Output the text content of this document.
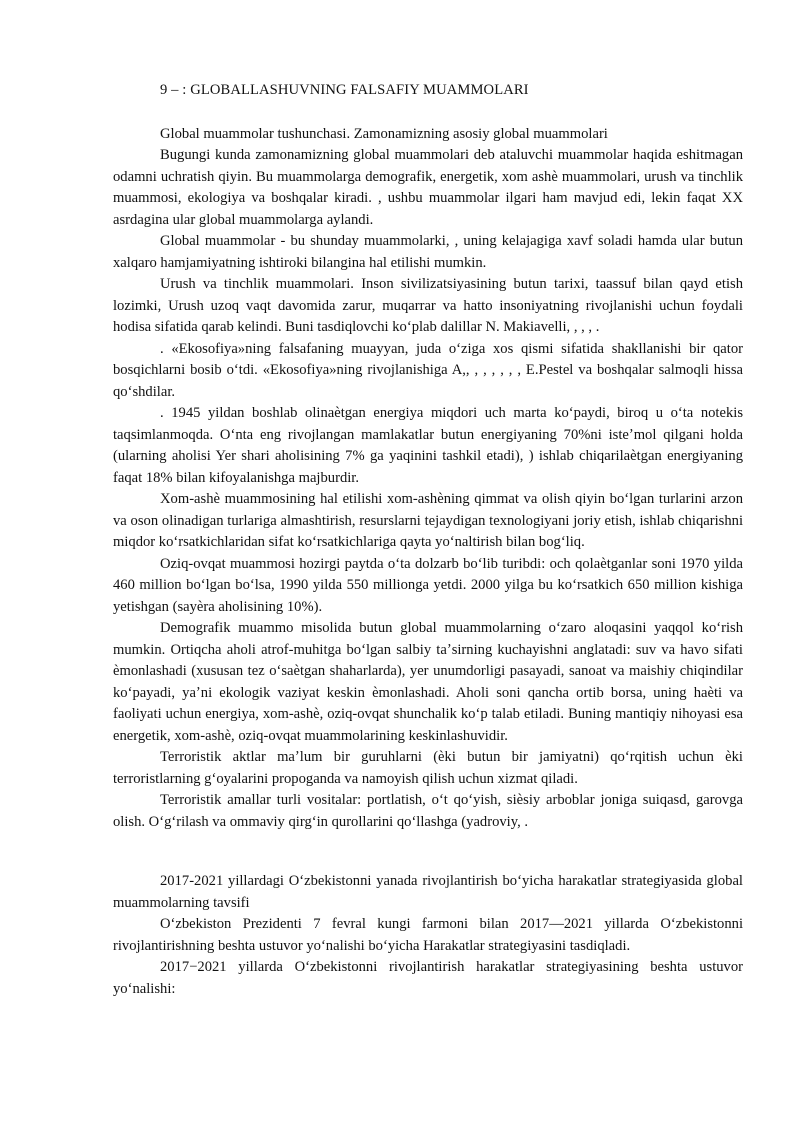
9 – : GLOBALLASHUVNING FALSAFIY MUAMMOLARI

Global muammolar tushunchasi. Zamonamizning asosiy global muammolari

Bugungi kunda zamonamizning global muammolari deb ataluvchi muammolar haqida eshitmagan odamni uchratish qiyin. Bu muammolarga demografik, energetik, xom ashè muammolari, urush va tinchlik muammosi, ekologiya va boshqalar kiradi. , ushbu muammolar ilgari ham mavjud edi, lekin faqat XX asrdagina ular global muammolarga aylandi.

Global muammolar - bu shunday muammolarki, , uning kelajagiga xavf soladi hamda ular butun xalqaro hamjamiyatning ishtiroki bilangina hal etilishi mumkin.

Urush va tinchlik muammolari. Inson sivilizatsiyasining butun tarixi, taassuf bilan qayd etish lozimki, Urush uzoq vaqt davomida zarur, muqarrar va hatto insoniyatning rivojlanishi uchun foydali hodisa sifatida qarab kelindi. Buni tasdiqlovchi koʻplab dalillar N. Makiavelli, , , , .

. «Ekosofiya»ning falsafaning muayyan, juda oʻziga xos qismi sifatida shakllanishi bir qator bosqichlarni bosib oʻtdi. «Ekosofiya»ning rivojlanishiga A,, , , , , , , E.Pestel va boshqalar salmoqli hissa qoʻshdilar.

. 1945 yildan boshlab olinaètgan energiya miqdori uch marta koʻpaydi, biroq u oʻta notekis taqsimlanmoqda. Oʻnta eng rivojlangan mamlakatlar butun energiyaning 70%ni isteʼmol qilgani holda (ularning aholisi Yer shari aholisining 7% ga yaqinini tashkil etadi), ) ishlab chiqarilaètgan energiyaning faqat 18% bilan kifoyalanishga majburdir.

Xom-ashè muammosining hal etilishi xom-ashèning qimmat va olish qiyin boʻlgan turlarini arzon va oson olinadigan turlariga almashtirish, resurslarni tejaydigan texnologiyani joriy etish, ishlab chiqarishni miqdor koʻrsatkichlaridan sifat koʻrsatkichlariga qayta yoʻnaltirish bilan bogʻliq.

Oziq-ovqat muammosi hozirgi paytda oʻta dolzarb boʻlib turibdi: och qolaètganlar soni 1970 yilda 460 million boʻlgan boʻlsa, 1990 yilda 550 millionga yetdi. 2000 yilga bu koʻrsatkich 650 million kishiga yetishgan (sayèra aholisining 10%).

Demografik muammo misolida butun global muammolarning oʻzaro aloqasini yaqqol koʻrish mumkin. Ortiqcha aholi atrof-muhitga boʻlgan salbiy taʼsirning kuchayishni anglatadi: suv va havo sifati èmonlashadi (xususan tez oʻsaètgan shaharlarda), yer unumdorligi pasayadi, sanoat va maishiy chiqindilar koʻpayadi, yaʼni ekologik vaziyat keskin èmonlashadi. Aholi soni qancha ortib borsa, uning haèti va faoliyati uchun energiya, xom-ashè, oziq-ovqat shunchalik koʻp talab etiladi. Buning mantiqiy nihoyasi esa energetik, xom-ashè, oziq-ovqat muammolarining keskinlashuvidir.

Terroristik aktlar maʼlum bir guruhlarni (èki butun bir jamiyatni) qoʻrqitish uchun èki terroristlarning gʻoyalarini propoganda va namoyish qilish uchun xizmat qiladi.

Terroristik amallar turli vositalar: portlatish, oʻt qoʻyish, sièsiy arboblar joniga suiqasd, garovga olish. Oʻgʻrilash va ommaviy qirgʻin qurollarini qoʻllashga (yadroviy, .

2017-2021 yillardagi Oʻzbekistonni yanada rivojlantirish boʻyicha harakatlar strategiyasida global muammolarning tavsifi

Oʻzbekiston Prezidenti 7 fevral kungi farmoni bilan 2017—2021 yillarda Oʻzbekistonni rivojlantirishning beshta ustuvor yoʻnalishi boʻyicha Harakatlar strategiyasini tasdiqladi.

2017−2021 yillarda Oʻzbekistonni rivojlantirish harakatlar strategiyasining beshta ustuvor yoʻnalishi:
